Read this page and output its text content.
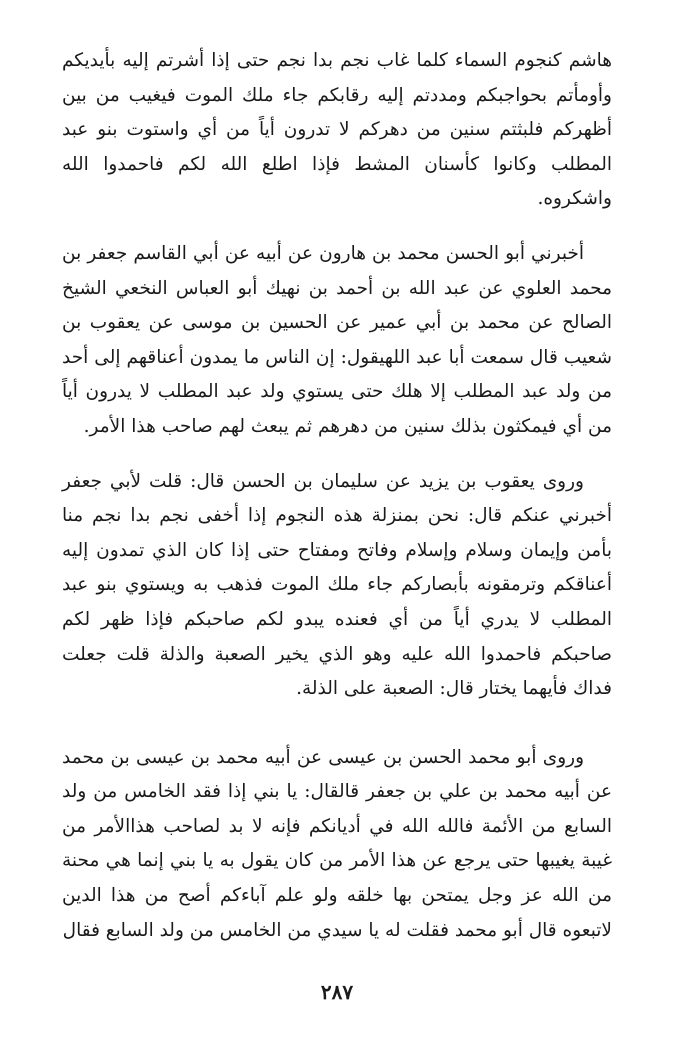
هاشم كنجوم السماء كلما غاب نجم بدا نجم حتى إذا أشرتم إليه بأيديكم وأومأتم بحواجبكم ومددتم إليه رقابكم جاء ملك الموت فيغيب من بين أظهركم فلبثتم سنين من دهركم لا تدرون أياً من أي واستوت بنو عبد المطلب وكانوا كأسنان المشط فإذا اطلع الله لكم فاحمدوا الله واشكروه.

أخبرني أبو الحسن محمد بن هارون عن أبيه عن أبي القاسم جعفر بن محمد العلوي عن عبد الله بن أحمد بن نهيك أبو العباس النخعي الشيخ الصالح عن محمد بن أبي عمير عن الحسين بن موسى عن يعقوب بن شعيب قال سمعت أبا عبد اللهيقول: إن الناس ما يمدون أعناقهم إلى أحد من ولد عبد المطلب إلا هلك حتى يستوي ولد عبد المطلب لا يدرون أياً من أي فيمكثون بذلك سنين من دهرهم ثم يبعث لهم صاحب هذا الأمر.

وروى يعقوب بن يزيد عن سليمان بن الحسن قال: قلت لأبي جعفر أخبرني عنكم قال: نحن بمنزلة هذه النجوم إذا أخفى نجم بدا نجم منا بأمن وإيمان وسلام وإسلام وفاتح ومفتاح حتى إذا كان الذي تمدون إليه أعناقكم وترمقونه بأبصاركم جاء ملك الموت فذهب به ويستوي بنو عبد المطلب لا يدري أياً من أي فعنده يبدو لكم صاحبكم فإذا ظهر لكم صاحبكم فاحمدوا الله عليه وهو الذي يخير الصعبة والذلة قلت جعلت فداك فأيهما يختار قال: الصعبة على الذلة.

وروى أبو محمد الحسن بن عيسى عن أبيه محمد بن عيسى بن محمد عن أبيه محمد بن علي بن جعفر قالقال: يا بني إذا فقد الخامس من ولد السابع من الأئمة فالله الله في أديانكم فإنه لا بد لصاحب هذاالأمر من غيبة يغيبها حتى يرجع عن هذا الأمر من كان يقول به يا بني إنما هي محنة من الله عز وجل يمتحن بها خلقه ولو علم آباءكم أصح من هذا الدين لاتبعوه قال أبو محمد فقلت له يا سيدي من الخامس من ولد السابع فقال

٢٨٧
